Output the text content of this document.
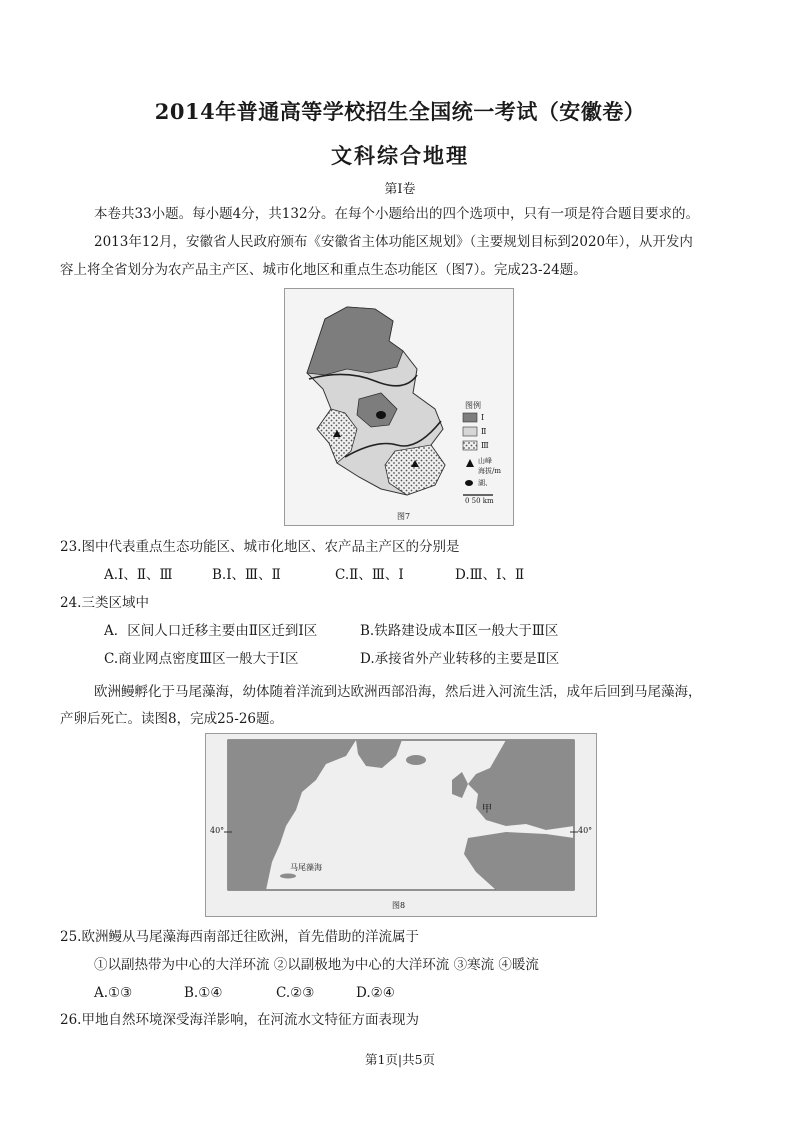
2014年普通高等学校招生全国统一考试（安徽卷）
文科综合地理
第Ⅰ卷
本卷共33小题。每小题4分，共132分。在每个小题给出的四个选项中，只有一项是符合题目要求的。
2013年12月，安徽省人民政府颁布《安徽省主体功能区规划》（主要规划目标到2020年），从开发内
容上将全省划分为农产品主产区、城市化地区和重点生态功能区（图7）。完成23-24题。
图例
Ⅰ
Ⅱ
Ⅲ
山峰
海拔/m
湖、
0 50 km
图7
23.图中代表重点生态功能区、城市化地区、农产品主产区的分别是
A.Ⅰ、Ⅱ、Ⅲ	B.Ⅰ、Ⅲ、Ⅱ	C.Ⅱ、Ⅲ、Ⅰ	D.Ⅲ、Ⅰ、Ⅱ
24.三类区域中
A．区间人口迁移主要由Ⅱ区迁到Ⅰ区	B.铁路建设成本Ⅱ区一般大于Ⅲ区
C.商业网点密度Ⅲ区一般大于Ⅰ区	D.承接省外产业转移的主要是Ⅱ区
欧洲鳗孵化于马尾藻海，幼体随着洋流到达欧洲西部沿海，然后进入河流生活，成年后回到马尾藻海，
产卵后死亡。读图8，完成25-26题。
40°	40°
甲
马尾藻海
图8
25.欧洲鳗从马尾藻海西南部迁往欧洲，首先借助的洋流属于
①以副热带为中心的大洋环流 ②以副极地为中心的大洋环流 ③寒流 ④暖流
A.①③	B.①④	C.②③	D.②④
26.甲地自然环境深受海洋影响，在河流水文特征方面表现为
第1页|共5页
